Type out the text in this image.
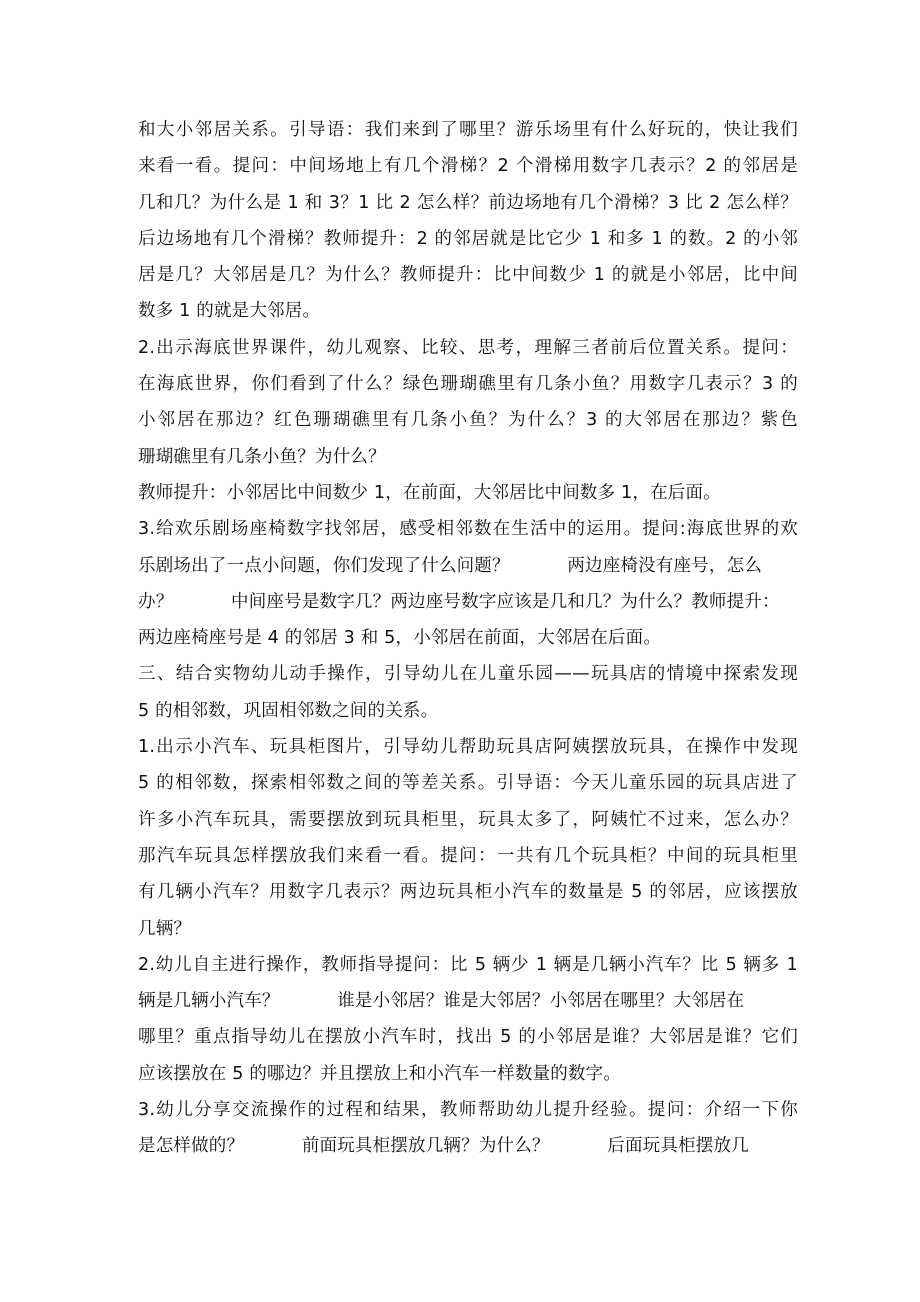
和大小邻居关系。引导语：我们来到了哪里？游乐场里有什么好玩的，快让我们
来看一看。提问：中间场地上有几个滑梯？2 个滑梯用数字几表示？2 的邻居是
几和几？为什么是 1 和 3？1 比 2 怎么样？前边场地有几个滑梯？3 比 2 怎么样？
后边场地有几个滑梯？教师提升：2 的邻居就是比它少 1 和多 1 的数。2 的小邻
居是几？大邻居是几？为什么？教师提升：比中间数少 1 的就是小邻居，比中间
数多 1 的就是大邻居。
2.出示海底世界课件，幼儿观察、比较、思考，理解三者前后位置关系。提问：
在海底世界，你们看到了什么？绿色珊瑚礁里有几条小鱼？用数字几表示？3 的
小邻居在那边？红色珊瑚礁里有几条小鱼？为什么？3 的大邻居在那边？紫色
珊瑚礁里有几条小鱼？为什么？
教师提升：小邻居比中间数少 1，在前面，大邻居比中间数多 1，在后面。
3.给欢乐剧场座椅数字找邻居，感受相邻数在生活中的运用。提问:海底世界的欢
乐剧场出了一点小问题，你们发现了什么问题？          两边座椅没有座号，怎么
办？          中间座号是数字几？两边座号数字应该是几和几？为什么？教师提升：
两边座椅座号是 4 的邻居 3 和 5，小邻居在前面，大邻居在后面。
三、结合实物幼儿动手操作，引导幼儿在儿童乐园——玩具店的情境中探索发现
5 的相邻数，巩固相邻数之间的关系。
1.出示小汽车、玩具柜图片，引导幼儿帮助玩具店阿姨摆放玩具，在操作中发现
5 的相邻数，探索相邻数之间的等差关系。引导语：今天儿童乐园的玩具店进了
许多小汽车玩具，需要摆放到玩具柜里，玩具太多了，阿姨忙不过来，怎么办？
那汽车玩具怎样摆放我们来看一看。提问：一共有几个玩具柜？中间的玩具柜里
有几辆小汽车？用数字几表示？两边玩具柜小汽车的数量是 5 的邻居，应该摆放
几辆？
2.幼儿自主进行操作，教师指导提问：比 5 辆少 1 辆是几辆小汽车？比 5 辆多 1
辆是几辆小汽车？          谁是小邻居？谁是大邻居？小邻居在哪里？大邻居在
哪里？重点指导幼儿在摆放小汽车时，找出 5 的小邻居是谁？大邻居是谁？它们
应该摆放在 5 的哪边？并且摆放上和小汽车一样数量的数字。
3.幼儿分享交流操作的过程和结果，教师帮助幼儿提升经验。提问：介绍一下你
是怎样做的？          前面玩具柜摆放几辆？为什么？          后面玩具柜摆放几
